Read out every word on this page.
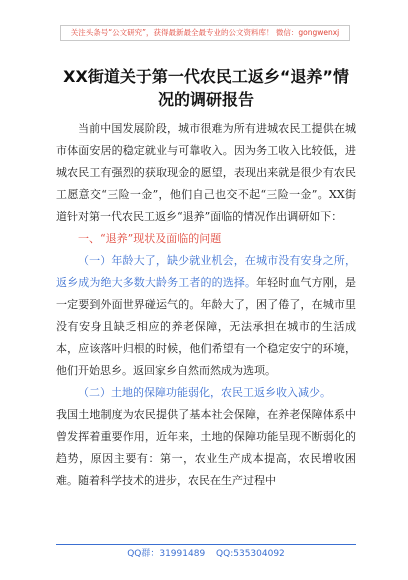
关注头条号“公文研究”，获得最新最全最专业的公文资料库！ 微信：gongwenxj
XX街道关于第一代农民工返乡“退养”情况的调研报告

当前中国发展阶段，城市很难为所有进城农民工提供在城市体面安居的稳定就业与可靠收入。因为务工收入比较低，进城农民工有强烈的获取现金的愿望，表现出来就是很少有农民工愿意交“三险一金”，他们自己也交不起“三险一金”。XX街道针对第一代农民工返乡“退养”面临的情况作出调研如下：

一、“退养”现状及面临的问题

（一）年龄大了，缺少就业机会，在城市没有安身之所，返乡成为绝大多数大龄务工者的的选择。年轻时血气方刚，是一定要到外面世界碰运气的。年龄大了，困了倦了，在城市里没有安身且缺乏相应的养老保障，无法承担在城市的生活成本，应该落叶归根的时候，他们希望有一个稳定安宁的环境，他们开始思乡。返回家乡自然而然成为选项。

（二）土地的保障功能弱化，农民工返乡收入减少。

我国土地制度为农民提供了基本社会保障，在养老保障体系中曾发挥着重要作用，近年来，土地的保障功能呈现不断弱化的趋势，原因主要有：第一，农业生产成本提高，农民增收困难。随着科学技术的进步，农民在生产过程中

QQ群：31991489 QQ:535304092
